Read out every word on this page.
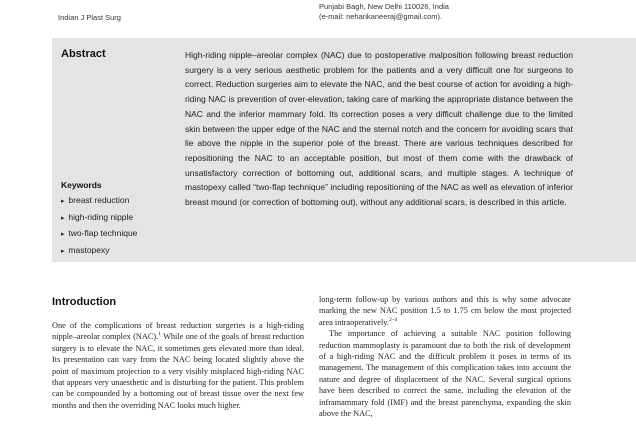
Indian J Plast Surg
Punjabi Bagh, New Delhi 110026, India
(e-mail: neharikaneeraj@gmail.com).
Abstract	High-riding nipple–areolar complex (NAC) due to postoperative malposition following breast reduction surgery is a very serious aesthetic problem for the patients and a very difficult one for surgeons to correct. Reduction surgeries aim to elevate the NAC, and the best course of action for avoiding a high-riding NAC is prevention of over-elevation, taking care of marking the appropriate distance between the NAC and the inferior mammary fold. Its correction poses a very difficult challenge due to the limited skin between the upper edge of the NAC and the sternal notch and the concern for avoiding scars that lie above the nipple in the superior pole of the breast. There are various techniques described for repositioning the NAC to an acceptable position, but most of them come with the drawback of unsatisfactory correction of bottoming out, additional scars, and multiple stages. A technique of mastopexy called “two-flap technique” including repositioning of the NAC as well as elevation of inferior breast mound (or correction of bottoming out), without any additional scars, is described in this article.

Keywords
▸  breast reduction
▸  high-riding nipple
▸  two-flap technique
▸  mastopexy
Introduction

One of the complications of breast reduction surgeries is a high-riding nipple–areolar complex (NAC).$^1$ While one of the goals of breast reduction surgery is to elevate the NAC, it sometimes gets elevated more than ideal. Its presentation can vary from the NAC being located slightly above the point of maximum projection to a very visibly misplaced high-riding NAC that appears very unaesthetic and is disturbing for the patient. This problem can be compounded by a bottoming out of breast tissue over the next few months and then the overriding NAC looks much higher.

long-term follow-up by various authors and this is why some advocate marking the new NAC position 1.5 to 1.75 cm below the most projected area intraoperatively.$^{2-4}$

The importance of achieving a suitable NAC position following reduction mammoplasty is paramount due to both the risk of development of a high-riding NAC and the difficult problem it poses in terms of its management. The management of this complication takes into account the nature and degree of displacement of the NAC. Several surgical options have been described to correct the same, including the elevation of the inframammary fold (IMF) and the breast parenchyma, expanding the skin above the NAC,
